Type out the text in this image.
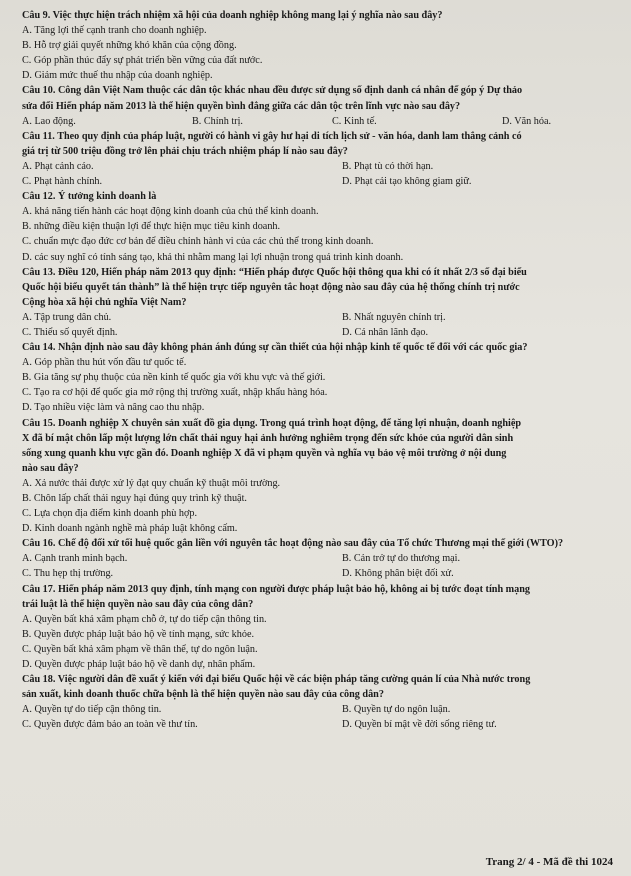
Câu 9. Việc thực hiện trách nhiệm xã hội của doanh nghiệp không mang lại ý nghĩa nào sau đây?
A. Tăng lợi thế cạnh tranh cho doanh nghiệp.
B. Hỗ trợ giải quyết những khó khăn của cộng đồng.
C. Góp phần thúc đẩy sự phát triển bền vững của đất nước.
D. Giảm mức thuế thu nhập của doanh nghiệp.
Câu 10. Công dân Việt Nam thuộc các dân tộc khác nhau đều được sử dụng số định danh cá nhân để góp ý Dự thảo
sửa đổi Hiến pháp năm 2013 là thể hiện quyền bình đẳng giữa các dân tộc trên lĩnh vực nào sau đây?
A. Lao động.	B. Chính trị.	C. Kinh tế.	D. Văn hóa.
Câu 11. Theo quy định của pháp luật, người có hành vi gây hư hại di tích lịch sử - văn hóa, danh lam thắng cảnh có
giá trị từ 500 triệu đồng trở lên phải chịu trách nhiệm pháp lí nào sau đây?
A. Phạt cảnh cáo.	B. Phạt tù có thời hạn.
C. Phạt hành chính.	D. Phạt cải tạo không giam giữ.
Câu 12. Ý tưởng kinh doanh là
A. khả năng tiến hành các hoạt động kinh doanh của chủ thể kinh doanh.
B. những điều kiện thuận lợi để thực hiện mục tiêu kinh doanh.
C. chuẩn mực đạo đức cơ bản để điều chỉnh hành vi của các chủ thể trong kinh doanh.
D. các suy nghĩ có tính sáng tạo, khả thi nhằm mang lại lợi nhuận trong quá trình kinh doanh.
Câu 13. Điều 120, Hiến pháp năm 2013 quy định: “Hiến pháp được Quốc hội thông qua khi có ít nhất 2/3 số đại biểu
Quốc hội biểu quyết tán thành” là thể hiện trực tiếp nguyên tắc hoạt động nào sau đây của hệ thống chính trị nước
Cộng hòa xã hội chủ nghĩa Việt Nam?
A. Tập trung dân chủ.	B. Nhất nguyên chính trị.
C. Thiểu số quyết định.	D. Cá nhân lãnh đạo.
Câu 14. Nhận định nào sau đây không phản ánh đúng sự cần thiết của hội nhập kinh tế quốc tế đối với các quốc gia?
A. Góp phần thu hút vốn đầu tư quốc tế.
B. Gia tăng sự phụ thuộc của nền kinh tế quốc gia với khu vực và thế giới.
C. Tạo ra cơ hội để quốc gia mở rộng thị trường xuất, nhập khẩu hàng hóa.
D. Tạo nhiều việc làm và nâng cao thu nhập.
Câu 15. Doanh nghiệp X chuyên sản xuất đồ gia dụng. Trong quá trình hoạt động, để tăng lợi nhuận, doanh nghiệp
X đã bí mật chôn lấp một lượng lớn chất thải nguy hại ảnh hưởng nghiêm trọng đến sức khỏe của người dân sinh
sống xung quanh khu vực gần đó. Doanh nghiệp X đã vi phạm quyền và nghĩa vụ bảo vệ môi trường ở nội dung
nào sau đây?
A. Xả nước thải được xử lý đạt quy chuẩn kỹ thuật môi trường.
B. Chôn lấp chất thải nguy hại đúng quy trình kỹ thuật.
C. Lựa chọn địa điểm kinh doanh phù hợp.
D. Kinh doanh ngành nghề mà pháp luật không cấm.
Câu 16. Chế độ đối xử tối huệ quốc gắn liền với nguyên tắc hoạt động nào sau đây của Tổ chức Thương mại thế giới (WTO)?
A. Cạnh tranh minh bạch.	B. Cản trở tự do thương mại.
C. Thu hẹp thị trường.	D. Không phân biệt đối xử.
Câu 17. Hiến pháp năm 2013 quy định, tính mạng con người được pháp luật bảo hộ, không ai bị tước đoạt tính mạng
trái luật là thể hiện quyền nào sau đây của công dân?
A. Quyền bất khả xâm phạm chỗ ở, tự do tiếp cận thông tin.
B. Quyền được pháp luật bảo hộ về tính mạng, sức khỏe.
C. Quyền bất khả xâm phạm về thân thể, tự do ngôn luận.
D. Quyền được pháp luật bảo hộ về danh dự, nhân phẩm.
Câu 18. Việc người dân đề xuất ý kiến với đại biểu Quốc hội về các biện pháp tăng cường quản lí của Nhà nước trong
sản xuất, kinh doanh thuốc chữa bệnh là thể hiện quyền nào sau đây của công dân?
A. Quyền tự do tiếp cận thông tin.	B. Quyền tự do ngôn luận.
C. Quyền được đảm bảo an toàn về thư tín.	D. Quyền bí mật về đời sống riêng tư.
Trang 2/ 4 - Mã đề thi 1024
